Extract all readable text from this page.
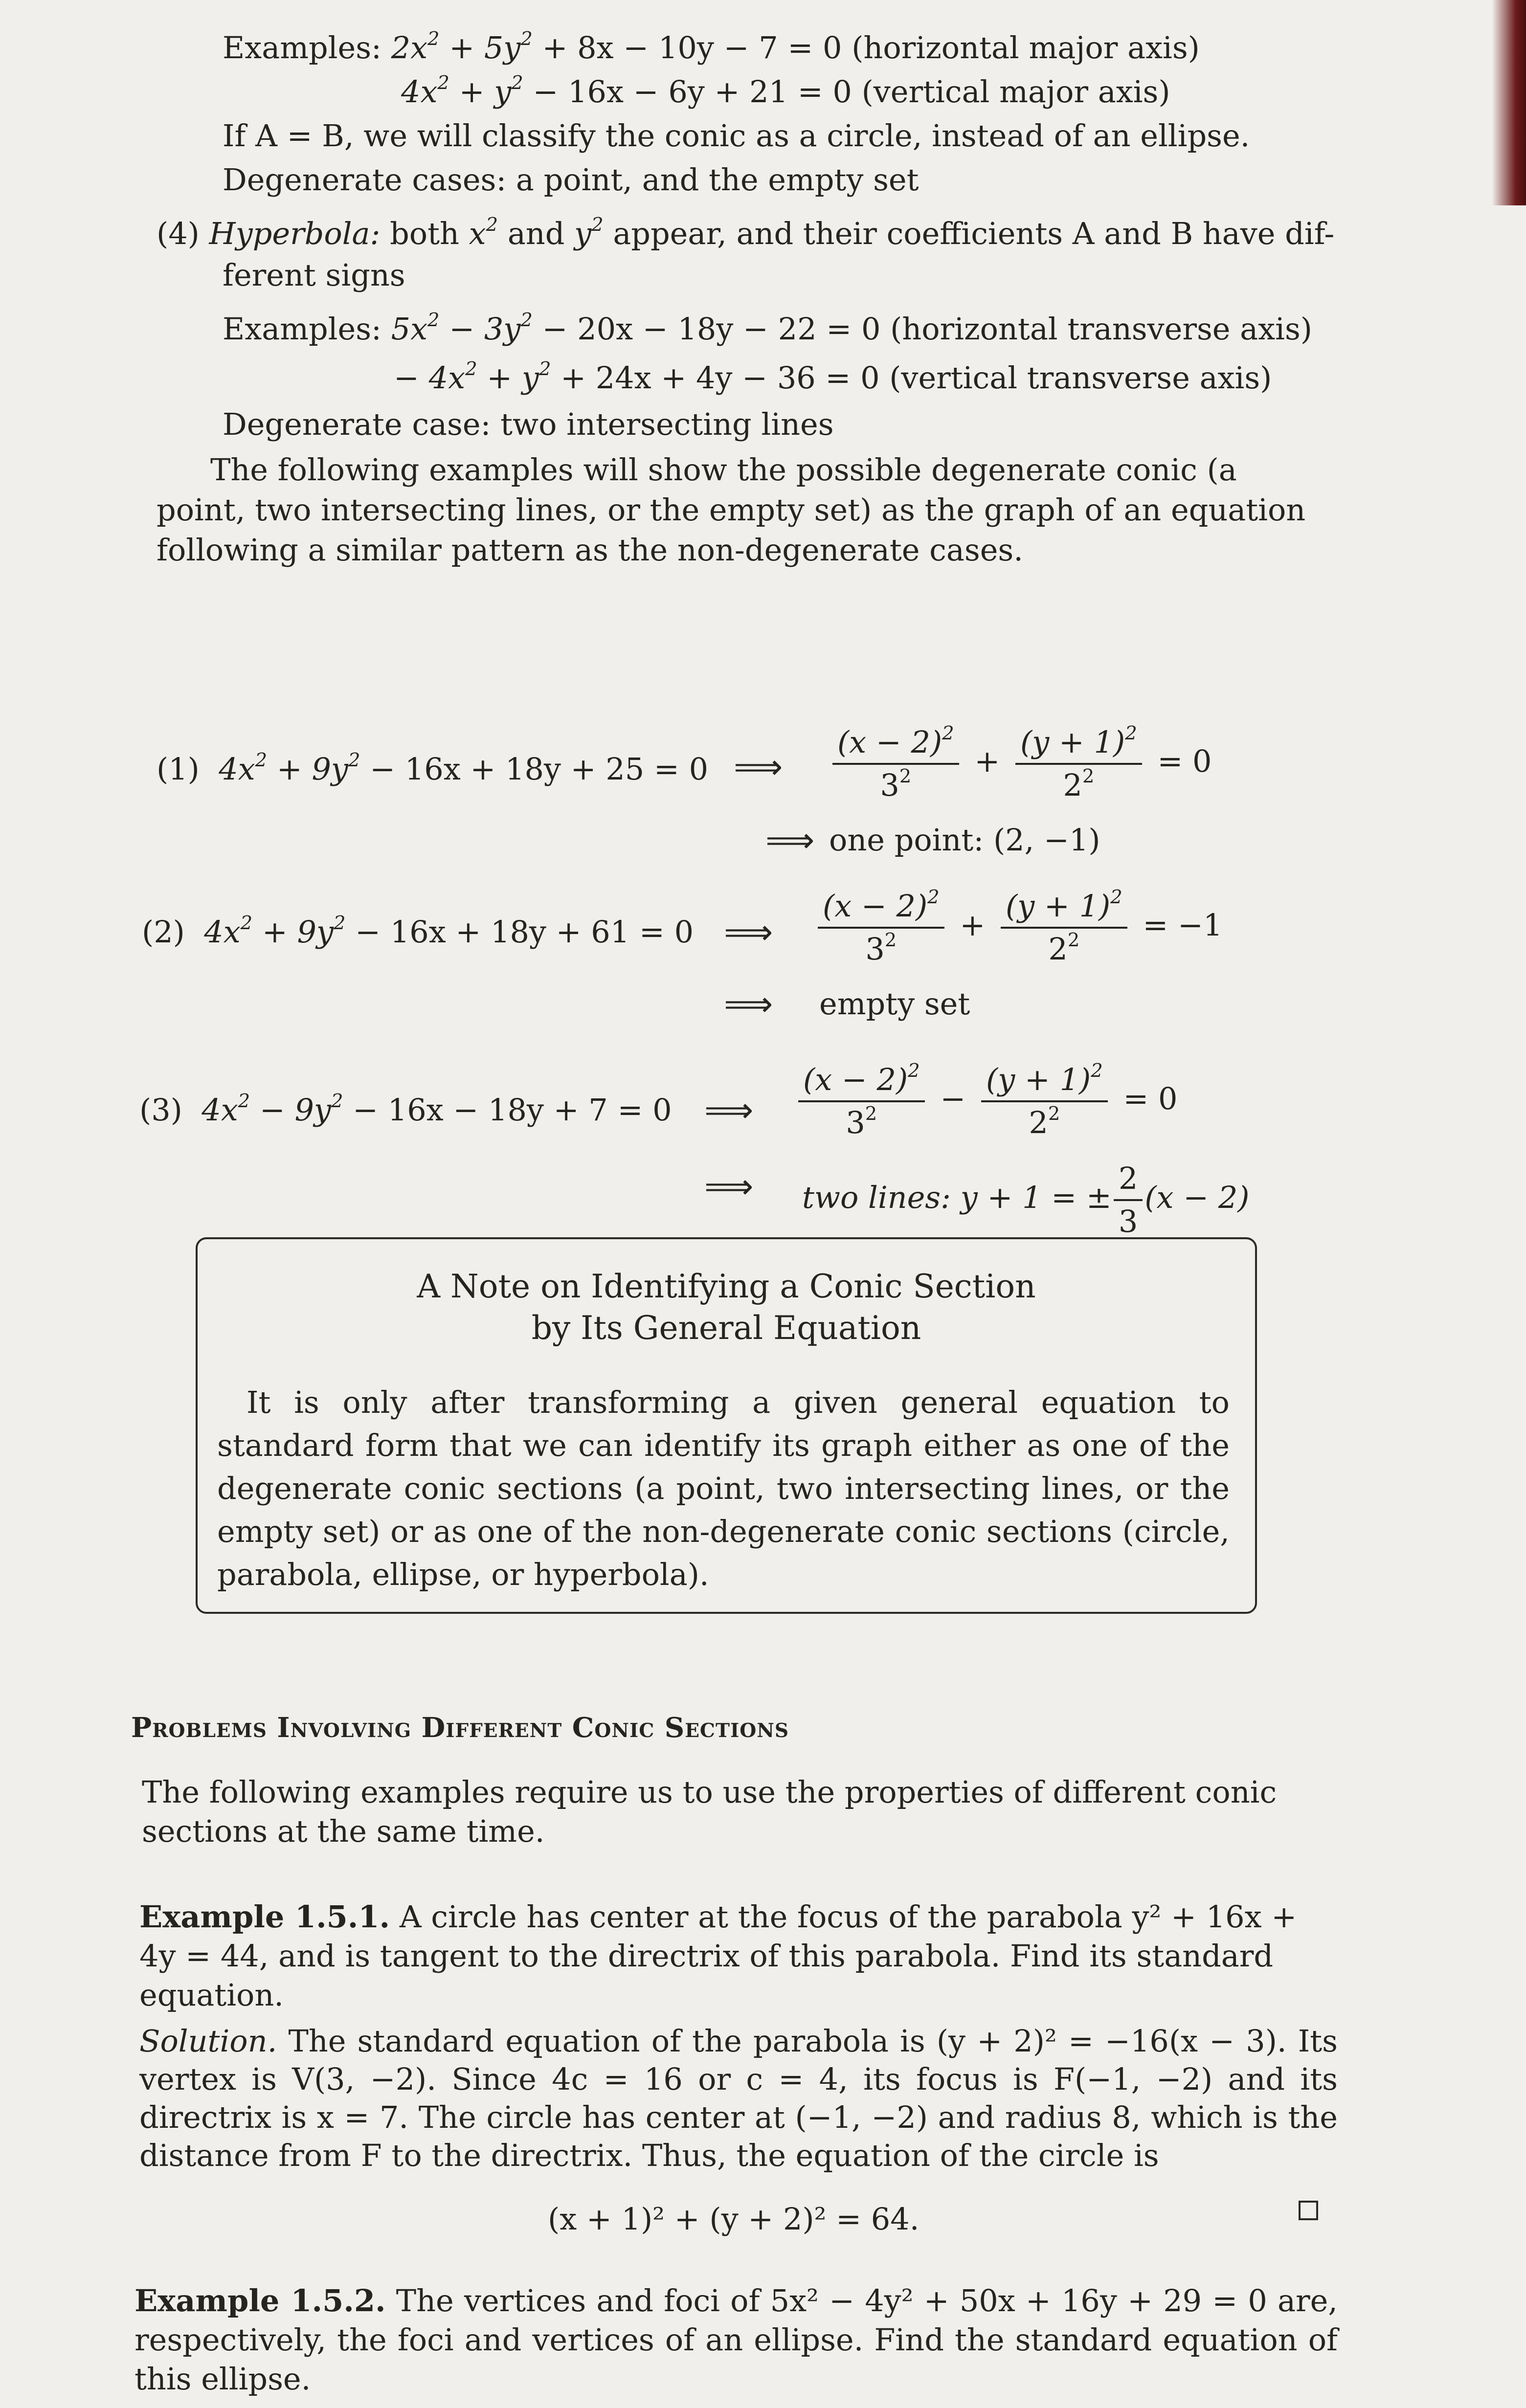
Examples: $2x^2 + 5y^2 + 8x - 10y - 7 = 0$ (horizontal major axis)
$4x^2 + y^2 - 16x - 6y + 21 = 0$ (vertical major axis)
If A = B, we will classify the conic as a circle, instead of an ellipse.
Degenerate cases: a point, and the empty set
(4) Hyperbola: both $x^2$ and $y^2$ appear, and their coefficients A and B have dif-
ferent signs
Examples: $5x^2 - 3y^2 - 20x - 18y - 22 = 0$ (horizontal transverse axis)
− $4x^2 + y^2 + 24x + 4y - 36 = 0$ (vertical transverse axis)
Degenerate case: two intersecting lines
The following examples will show the possible degenerate conic (a point, two intersecting lines, or the empty set) as the graph of an equation following a similar pattern as the non-degenerate cases.
(1)  $4x^2 + 9y^2 - 16x + 18y + 25 = 0$ ⟹ $\frac{(x - 2)^2}{3^2} + \frac{(y + 1)^2}{2^2} = 0$
⟹ one point: (2, −1)
(2)  $4x^2 + 9y^2 - 16x + 18y + 61 = 0$ ⟹ $\frac{(x - 2)^2}{3^2} + \frac{(y + 1)^2}{2^2} = -1$
⟹ empty set
(3)  $4x^2 - 9y^2 - 16x - 18y + 7 = 0$ ⟹ $\frac{(x - 2)^2}{3^2} - \frac{(y + 1)^2}{2^2} = 0$
⟹ two lines: y + 1 = ± $\frac{2}{3} (x - 2)$
A Note on Identifying a Conic Section
by Its General Equation
It is only after transforming a given general equation to standard form that we can identify its graph either as one of the degenerate conic sections (a point, two intersecting lines, or the empty set) or as one of the non-degenerate conic sections (circle, parabola, ellipse, or hyperbola).
Problems Involving Different Conic Sections
The following examples require us to use the properties of different conic sections at the same time.
Example 1.5.1. A circle has center at the focus of the parabola y² + 16x + 4y = 44, and is tangent to the directrix of this parabola. Find its standard equation.
Solution. The standard equation of the parabola is (y + 2)² = −16(x − 3). Its vertex is V(3, −2). Since 4c = 16 or c = 4, its focus is F(−1, −2) and its directrix is x = 7. The circle has center at (−1, −2) and radius 8, which is the distance from F to the directrix. Thus, the equation of the circle is
(x + 1)² + (y + 2)² = 64.
Example 1.5.2. The vertices and foci of 5x² − 4y² + 50x + 16y + 29 = 0 are, respectively, the foci and vertices of an ellipse. Find the standard equation of this ellipse.
